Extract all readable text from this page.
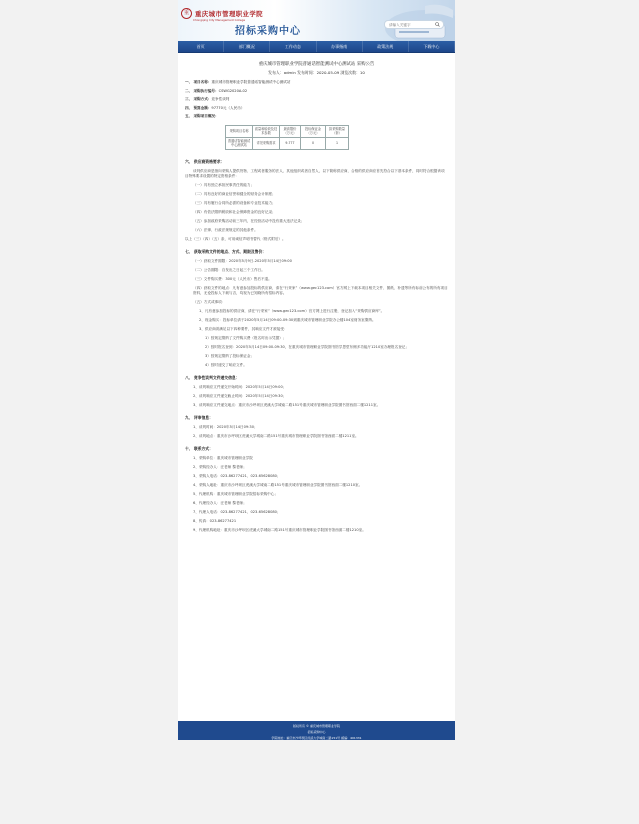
重 重庆城市管理职业学院
Chongqing City Management College
招标采购中心
请输入关键字
首页	部门概况	工作动态	办事指南	政策法规	下载中心
重庆城市管理职业学院普通话智能测试中心测试站 采购公告
发布人：admin 发布时间：2020-05-09 浏览次数：10
一、 项目名称：重庆城市管理职业学院普通话智能测试中心测试站
二、 采购执行编号：CSWG2020A-02
三、 采购方式：竞争性谈判
四、 预算金额：97770元（人民币）
五、 采购项目概况：
采购项目名称	质量和验收及技术参数	最高限价（万元）	投标保证金（万元）	拟采购数量（套）
普通话智能测试中心测试站	详见采购需求	9.777	0	1
六、 供应商资格要求：
谈判供应商是指向采购人提供货物、工程或者服务的法人、其他组织或者自然人，以下简称供应商，合格的供应商应首先符合以下基本条件，同时符合根据该项目特殊要求设置的特定资格条件：
（一）具有独立承担民事责任的能力；
（二）具有良好的商业信誉和健全的财务会计制度；
（三）具有履行合同所必需的设备和专业技术能力；
（四）有依法缴纳税收和社会保障资金的良好记录；
（五）参加政府采购活动前三年内，在经营活动中没有重大违法记录；
（六）法律、行政法规规定的其他条件。
以上（三）（四）（五）条，可用诚信声明书替代（格式附后）。
七、 获取采购文件的地点、方式、期限及售价：
（一）获取文件期限：2020年5月9日-2020年5月14日09:00
（二）公告期限：自发出之日起三个工作日。
（三）文件购买费：300元（人民币）售后不退。
（四）获取文件的地点：凡有意参加投标的供应商，请在“行采家”（www.gec123.com）官方网上下载本项目相关文件、图纸、补遗等所有标前公布的所有项目资料，无论投标人下载与否，均视为已知晓所有招标内容。
（五）方式或事项：
1、凡有意参加投标的供应商，请在“行采家”（www.gec123.com）官方网上进行注册，登记加入“采购供应商库”。
2、现金购买：投标单位请于2020年5月14日09:00-09:30到重庆城市管理职业学院办公楼104室财务室缴纳。
3、供应商须满足以下四种要件，其响应文件才被接受：
1）按规定缴纳了文件购买费（报名时出示凭据）；
2）按时报名登到：2020年5月14日09:00-09:30，在重庆城市管理职业学院图书馆学思堂东侧多功能厅1210室办理报名登记；
3）按规定缴纳了投标保证金；
4）按时递交了响应文件。
八、 竞争性谈判文件递交信息：
1、谈判响应文件递交开始时间：2020年5月14日09:00；
2、谈判响应文件递交截止时间：2020年5月14日09:30；
3、谈判响应文件递交地点：重庆市沙坪坝区虎溪大学城南二路151号重庆城市管理职业学院图书馆西面二楼1211室。
九、 评审信息：
1、谈判时间：2020年5月14日09:30；
2、谈判地点：重庆市沙坪坝区虎溪大学城南二路151号重庆城市管理职业学院图书馆西面二楼1211室。
十、 联系方式：
1、采购单位：重庆城市管理职业学院
2、采购经办人：汪老师 黎老师；
3、采购人电话：023-86277421、023-65628080；
4、采购人地址：重庆市沙坪坝区虎溪大学城南二路151号重庆城市管理职业学院图书馆西面二楼1210室。
5、代理机构：重庆城市管理职业学院招标采购中心；
6、代理经办人：汪老师 黎老师；
7、代理人电话：023-86277421、023-65628080；
8、传真：023-86277421
9、代理机构地址：重庆市沙坪坝区虎溪大学城南二路151号重庆城市管理职业学院图书馆西面二楼1210室。
版权所有 © 重庆城市管理职业学院
招标采购中心
学院地址：重庆市沙坪坝区虎溪大学城南二路151号 邮编：401331
